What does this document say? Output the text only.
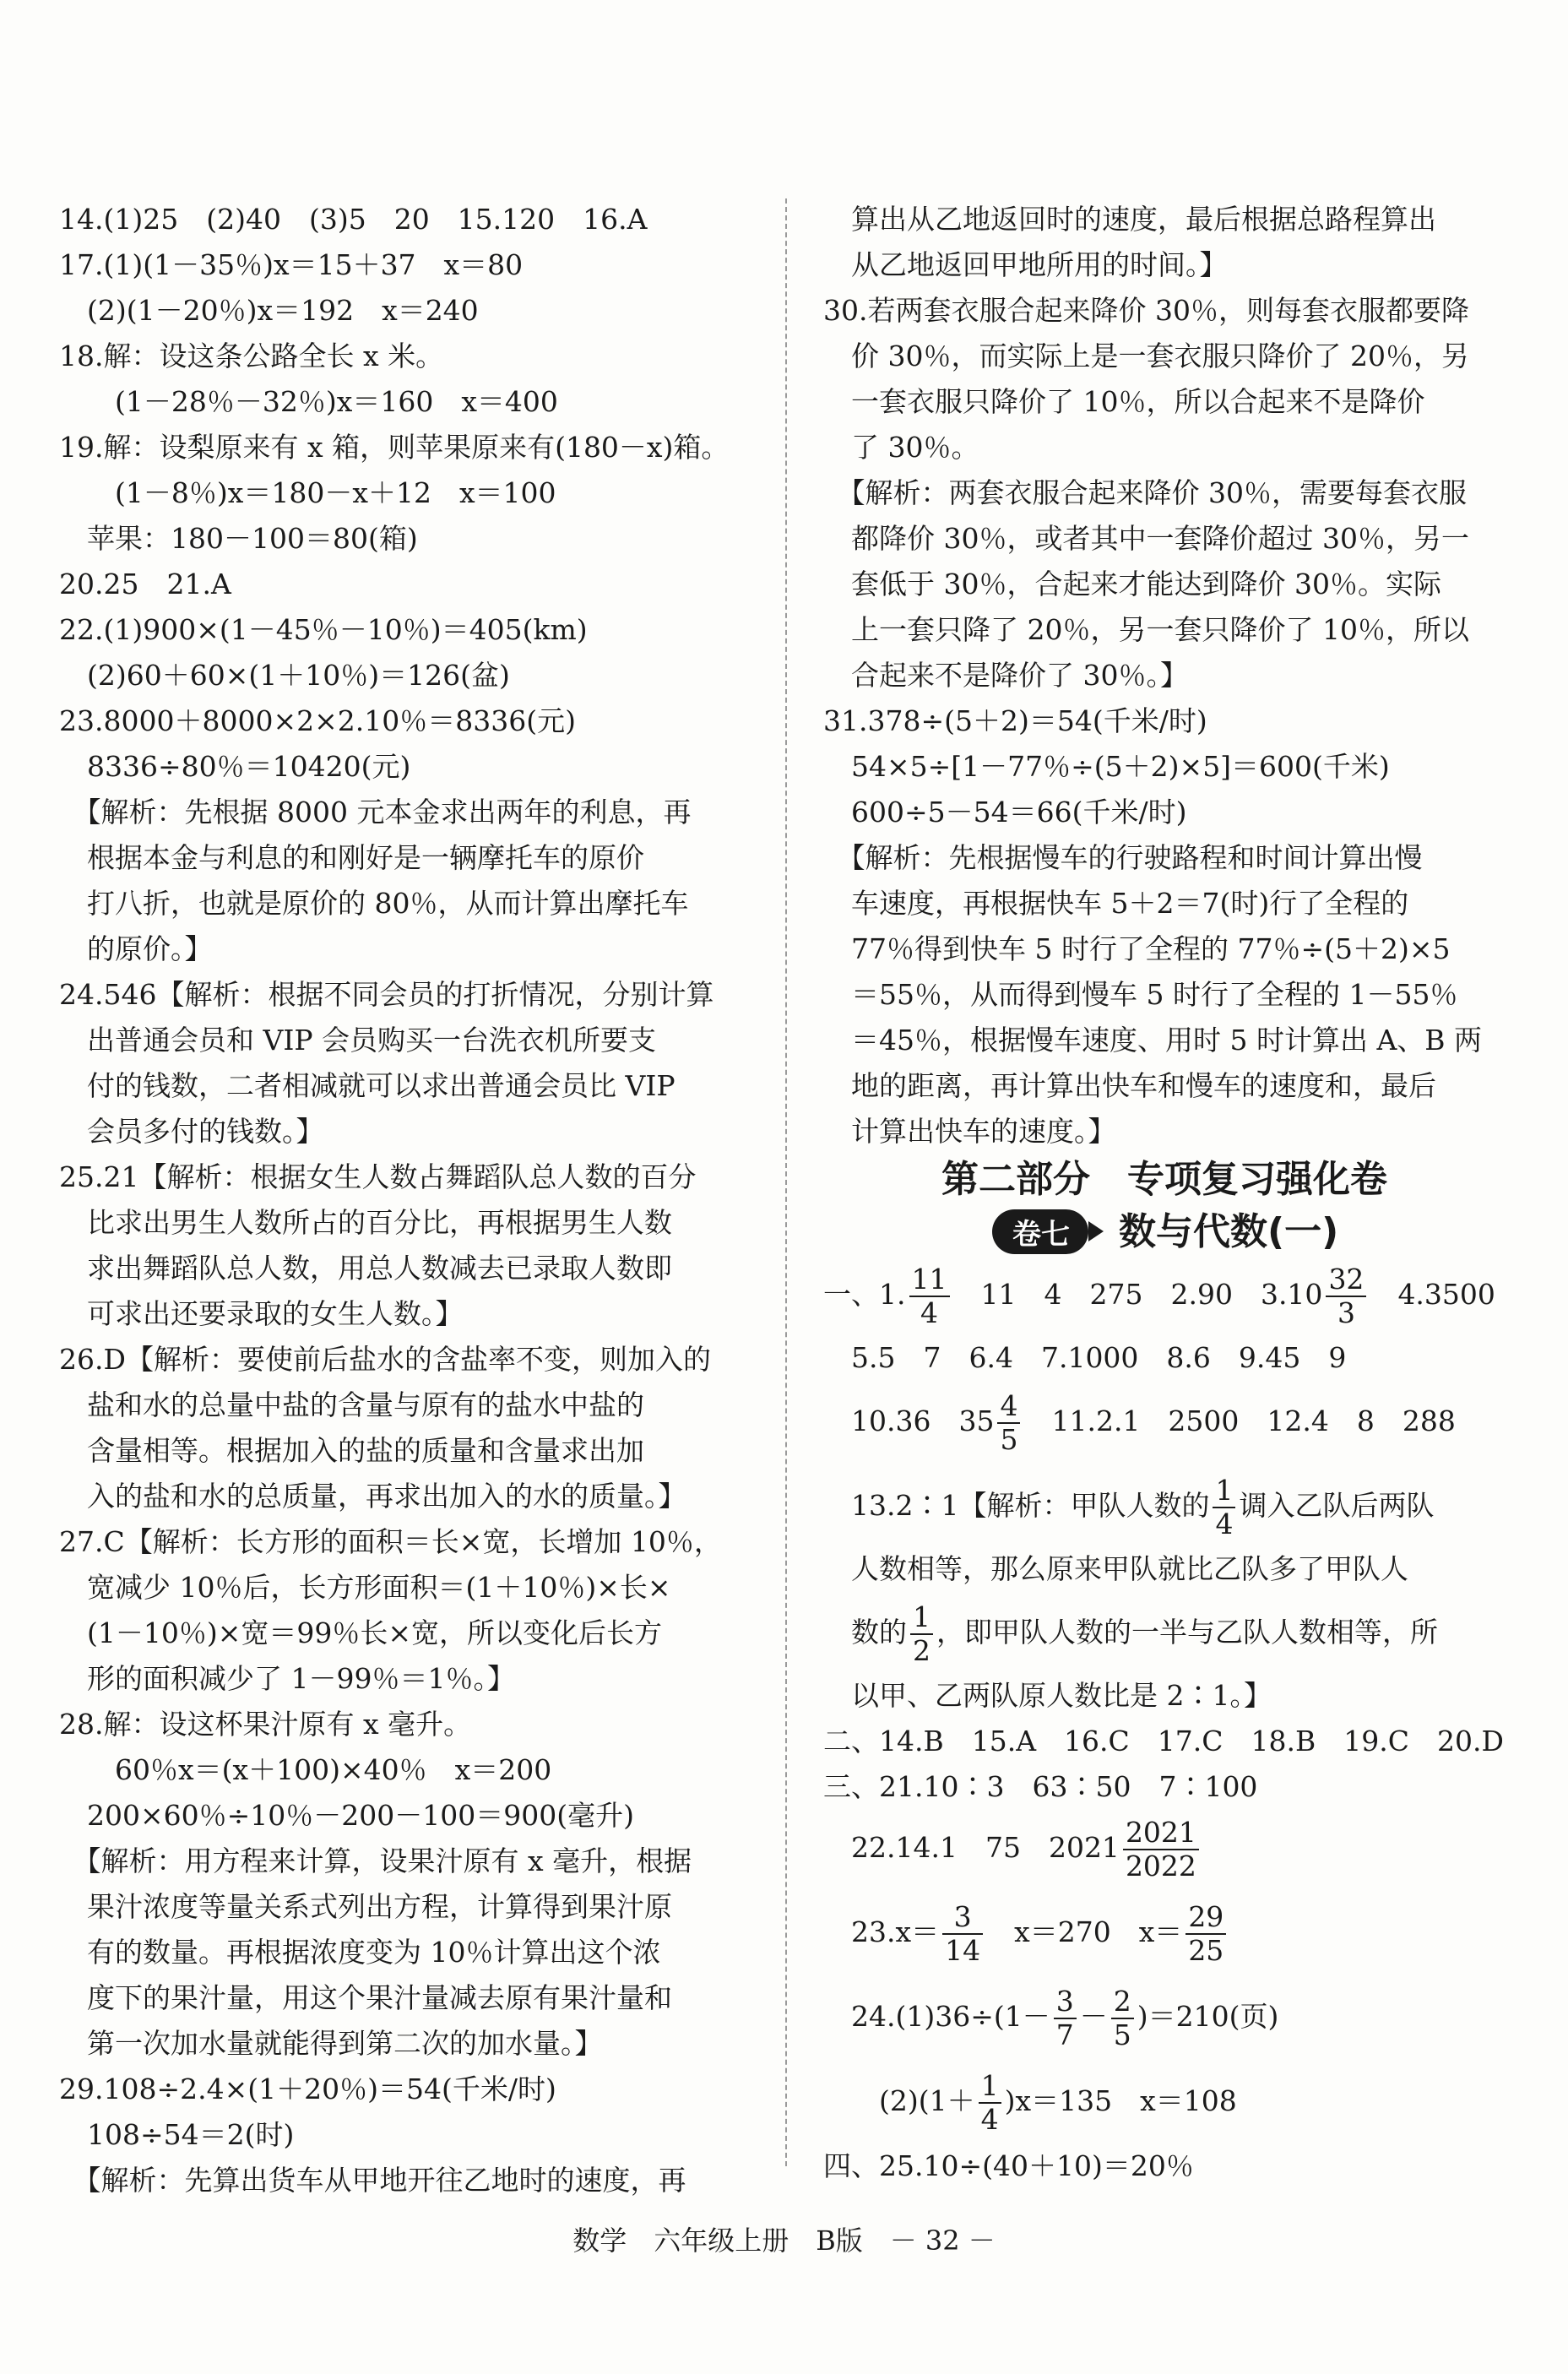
14.(1)25　(2)40　(3)5　20　15.120　16.A
17.(1)(1－35％)x＝15＋37　x＝80
　(2)(1－20％)x＝192　x＝240
18.解：设这条公路全长 x 米。
　　(1－28％－32％)x＝160　x＝400
19.解：设梨原来有 x 箱，则苹果原来有(180－x)箱。
　　(1－8％)x＝180－x＋12　x＝100
　苹果：180－100＝80(箱)
20.25　21.A
22.(1)900×(1－45％－10％)＝405(km)
　(2)60＋60×(1＋10％)＝126(盆)
23.8000＋8000×2×2.10％＝8336(元)
　8336÷80％＝10420(元)
　【解析：先根据 8000 元本金求出两年的利息，再
　根据本金与利息的和刚好是一辆摩托车的原价
　打八折，也就是原价的 80％，从而计算出摩托车
　的原价。】
24.546【解析：根据不同会员的打折情况，分别计算
　出普通会员和 VIP 会员购买一台洗衣机所要支
　付的钱数，二者相减就可以求出普通会员比 VIP
　会员多付的钱数。】
25.21【解析：根据女生人数占舞蹈队总人数的百分
　比求出男生人数所占的百分比，再根据男生人数
　求出舞蹈队总人数，用总人数减去已录取人数即
　可求出还要录取的女生人数。】
26.D【解析：要使前后盐水的含盐率不变，则加入的
　盐和水的总量中盐的含量与原有的盐水中盐的
　含量相等。根据加入的盐的质量和含量求出加
　入的盐和水的总质量，再求出加入的水的质量。】
27.C【解析：长方形的面积＝长×宽，长增加 10％，
　宽减少 10％后，长方形面积＝(1＋10％)×长×
　(1－10％)×宽＝99％长×宽，所以变化后长方
　形的面积减少了 1－99％＝1％。】
28.解：设这杯果汁原有 x 毫升。
　　60％x＝(x＋100)×40％　x＝200
　200×60％÷10％－200－100＝900(毫升)
　【解析：用方程来计算，设果汁原有 x 毫升，根据
　果汁浓度等量关系式列出方程，计算得到果汁原
　有的数量。再根据浓度变为 10％计算出这个浓
　度下的果汁量，用这个果汁量减去原有果汁量和
　第一次加水量就能得到第二次的加水量。】
29.108÷2.4×(1＋20％)＝54(千米/时)
　108÷54＝2(时)
　【解析：先算出货车从甲地开往乙地时的速度，再
　算出从乙地返回时的速度，最后根据总路程算出
　从乙地返回甲地所用的时间。】
30.若两套衣服合起来降价 30％，则每套衣服都要降
　价 30％，而实际上是一套衣服只降价了 20％，另
　一套衣服只降价了 10％，所以合起来不是降价
　了 30％。
　【解析：两套衣服合起来降价 30％，需要每套衣服
　都降价 30％，或者其中一套降价超过 30％，另一
　套低于 30％，合起来才能达到降价 30％。实际
　上一套只降了 20％，另一套只降价了 10％，所以
　合起来不是降价了 30％。】
31.378÷(5＋2)＝54(千米/时)
　54×5÷[1－77％÷(5＋2)×5]＝600(千米)
　600÷5－54＝66(千米/时)
　【解析：先根据慢车的行驶路程和时间计算出慢
　车速度，再根据快车 5＋2＝7(时)行了全程的
　77％得到快车 5 时行了全程的 77％÷(5＋2)×5
　＝55％，从而得到慢车 5 时行了全程的 1－55％
　＝45％，根据慢车速度、用时 5 时计算出 A、B 两
　地的距离，再计算出快车和慢车的速度和，最后
　计算出快车的速度。】
第二部分　专项复习强化卷
卷七 数与代数(一)
一、1. $\frac{11}{4}$ 　11　4　275　2.90　$3.10 \frac{32}{3}$ 　4.3500
　5.5　7　6.4　7.1000　8.6　9.45　9
　10.36　$35 \frac{4}{5}$ 　11.2.1　2500　12.4　8　288
　13.2∶1【解析：甲队人数的 $\frac{1}{4}$ 调入乙队后两队
　人数相等，那么原来甲队就比乙队多了甲队人
　数的 $\frac{1}{2}$ ，即甲队人数的一半与乙队人数相等，所
　以甲、乙两队原人数比是 2∶1。】
二、14.B　15.A　16.C　17.C　18.B　19.C　20.D
三、21.10∶3　63∶50　7∶100
　22.14.1　75　$2021 \frac{2021}{2022}$
　$23.x= \frac{3}{14}$ 　x＝270　$x= \frac{29}{25}$
　$24.(1)36\div(1- \frac{3}{7} - \frac{2}{5} )=210$(页)
　　$(2)(1+ \frac{1}{4} )x=135$　x＝108
四、25.10÷(40＋10)＝20％
数学　六年级上册　B版　－ 32 －
